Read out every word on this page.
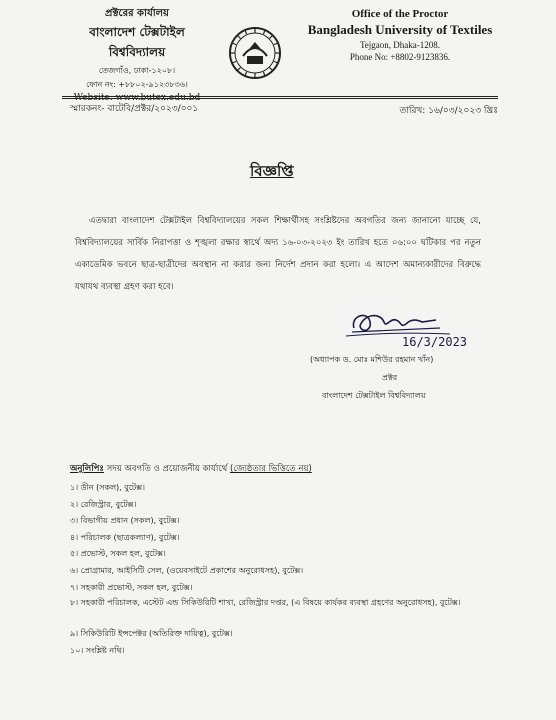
প্রক্টরের কার্যালয়
বাংলাদেশ টেক্সটাইল বিশ্ববিদ্যালয়
তেজগাঁও, ঢাকা-১২০৮।
ফোন নং: +৮৮০২-৯১২৩৮৩৬।
Website: www.butex.edu.bd
Office of the Proctor
Bangladesh University of Textiles
Tejgaon, Dhaka-1208.
Phone No: +8802-9123836.
স্মারকনং- বাটেবি/প্রক্টর/২০২৩/০০১	তারিখ: ১৬/০৩/২০২৩ খ্রিঃ
বিজ্ঞপ্তি
এতদ্বারা বাংলাদেশ টেক্সটাইল বিশ্ববিদ্যালয়ের সকল শিক্ষার্থীসহ সংশ্লিষ্টদের অবগতির জন্য জানানো যাচ্ছে যে, বিশ্ববিদ্যালয়ের সার্বিক নিরাপত্তা ও শৃঙ্খলা রক্ষার স্বার্থে অদ্য ১৬-০৩-২০২৩ ইং তারিখ হতে ০৬:০০ ঘটিকার পর নতুন একাডেমিক ভবনে ছাত্র-ছাত্রীদের অবস্থান না করার জন্য নির্দেশ প্রদান করা হলো। এ আদেশ অমান্যকারীদের বিরুদ্ধে যথাযথ ব্যবস্থা গ্রহণ করা হবে।
16/3/2023
(অধ্যাপক ড. মোঃ মশিউর রহমান খাঁন)
প্রক্টর
বাংলাদেশ টেক্সটাইল বিশ্ববিদ্যালয়
অনুলিপিঃ সদয় অবগতি ও প্রয়োজনীয় কার্যার্থে (জ্যেষ্ঠতার ভিত্তিতে নয়)
১। ডীন (সকল), বুটেক্স।
২। রেজিস্ট্রার, বুটেক্স।
৩। বিভাগীয় প্রধান (সকল), বুটেক্স।
৪। পরিচালক (ছাত্রকল্যাণ), বুটেক্স।
৫। প্রভোস্ট, সকল হল, বুটেক্স।
৬। প্রোগ্রামার, আইসিটি সেল, (ওয়েবসাইটে প্রকাশের অনুরোধসহ), বুটেক্স।
৭। সহকারী প্রভোস্ট, সকল হল, বুটেক্স।
৮। সহকারী পরিচালক, এস্টেট এন্ড সিকিউরিটি শাখা, রেজিস্ট্রার দপ্তর, (এ বিষয়ে কার্যকর ব্যবস্থা গ্রহণের অনুরোধসহ), বুটেক্স।
৯। সিকিউরিটি ইন্সপেক্টর (অতিরিক্ত দায়িত্ব), বুটেক্স।
১০। সংশ্লিষ্ট নথি।
